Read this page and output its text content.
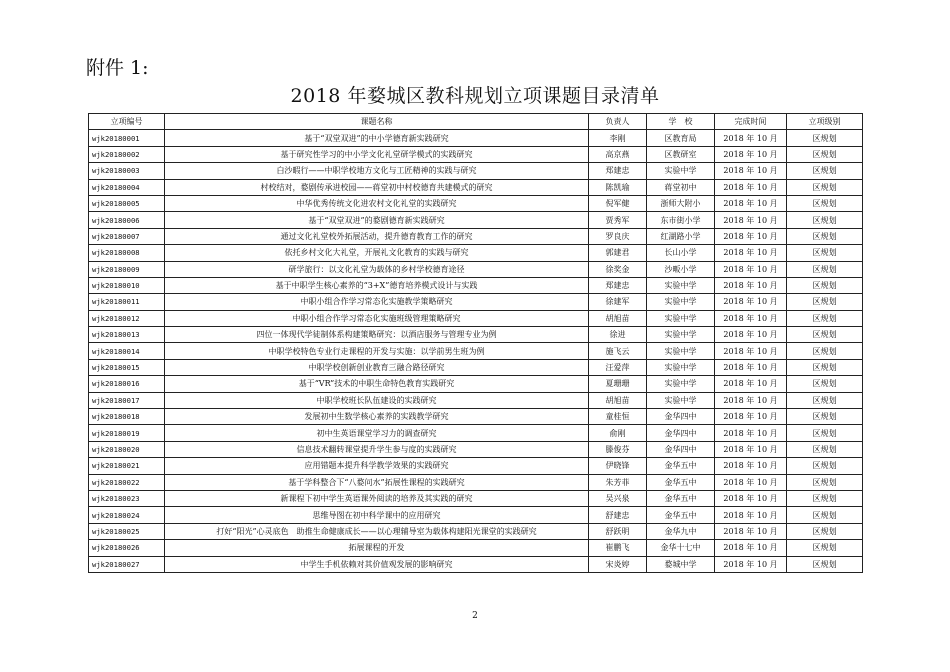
附件 1:
2018 年婺城区教科规划立项课题目录清单
立项编号	课题名称	负责人	学　校	完成时间	立项级别
wjk20180001	基于“双堂双进”的中小学德育新实践研究	李刚	区教育局	2018 年 10 月	区规划
wjk20180002	基于研究性学习的中小学文化礼堂研学模式的实践研究	高京燕	区教研室	2018 年 10 月	区规划
wjk20180003	白沙暇行——中职学校地方文化与工匠精神的实践与研究	郑建忠	实验中学	2018 年 10 月	区规划
wjk20180004	村校结对，婺剧传承进校园——蒋堂初中村校德育共建模式的研究	陈凯瑜	蒋堂初中	2018 年 10 月	区规划
wjk20180005	中华优秀传统文化进农村文化礼堂的实践研究	倪军健	浙师大附小	2018 年 10 月	区规划
wjk20180006	基于“双堂双进”的婺剧德育新实践研究	贾秀军	东市街小学	2018 年 10 月	区规划
wjk20180007	通过文化礼堂校外拓展活动，提升德育教育工作的研究	罗良庆	红湖路小学	2018 年 10 月	区规划
wjk20180008	依托乡村文化大礼堂，开展礼文化教育的实践与研究	郭建君	长山小学	2018 年 10 月	区规划
wjk20180009	研学旅行：以文化礼堂为载体的乡村学校德育途径	徐奖金	沙畈小学	2018 年 10 月	区规划
wjk20180010	基于中职学生核心素养的“3+X”德育培养模式设计与实践	郑建忠	实验中学	2018 年 10 月	区规划
wjk20180011	中职小组合作学习常态化实施教学策略研究	徐建军	实验中学	2018 年 10 月	区规划
wjk20180012	中职小组合作学习常态化实施班级管理策略研究	胡旭苗	实验中学	2018 年 10 月	区规划
wjk20180013	四位一体现代学徒制体系构建策略研究：以酒店服务与管理专业为例	徐进	实验中学	2018 年 10 月	区规划
wjk20180014	中职学校特色专业行走课程的开发与实施：以学前男生班为例	施飞云	实验中学	2018 年 10 月	区规划
wjk20180015	中职学校创新创业教育三融合路径研究	汪爱萍	实验中学	2018 年 10 月	区规划
wjk20180016	基于“VR”技术的中职生命特色教育实践研究	夏珊珊	实验中学	2018 年 10 月	区规划
wjk20180017	中职学校班长队伍建设的实践研究	胡旭苗	实验中学	2018 年 10 月	区规划
wjk20180018	发展初中生数学核心素养的实践教学研究	童桂恒	金华四中	2018 年 10 月	区规划
wjk20180019	初中生英语课堂学习力的调查研究	俞刚	金华四中	2018 年 10 月	区规划
wjk20180020	信息技术翻转课堂提升学生参与度的实践研究	滕俊芬	金华四中	2018 年 10 月	区规划
wjk20180021	应用错题本提升科学教学效果的实践研究	伊晓锋	金华五中	2018 年 10 月	区规划
wjk20180022	基于学科整合下“八婺问水”拓展性课程的实践研究	朱芳菲	金华五中	2018 年 10 月	区规划
wjk20180023	新课程下初中学生英语课外阅读的培养及其实践的研究	吴兴泉	金华五中	2018 年 10 月	区规划
wjk20180024	思维导图在初中科学课中的应用研究	舒建忠	金华五中	2018 年 10 月	区规划
wjk20180025	打好“阳光”心灵底色　助推生命健康成长——以心理辅导室为载体构建阳光课堂的实践研究	舒跃明	金华九中	2018 年 10 月	区规划
wjk20180026	拓展课程的开发	崔鹏飞	金华十七中	2018 年 10 月	区规划
wjk20180027	中学生手机依赖对其价值观发展的影响研究	宋炎婷	婺城中学	2018 年 10 月	区规划
2
